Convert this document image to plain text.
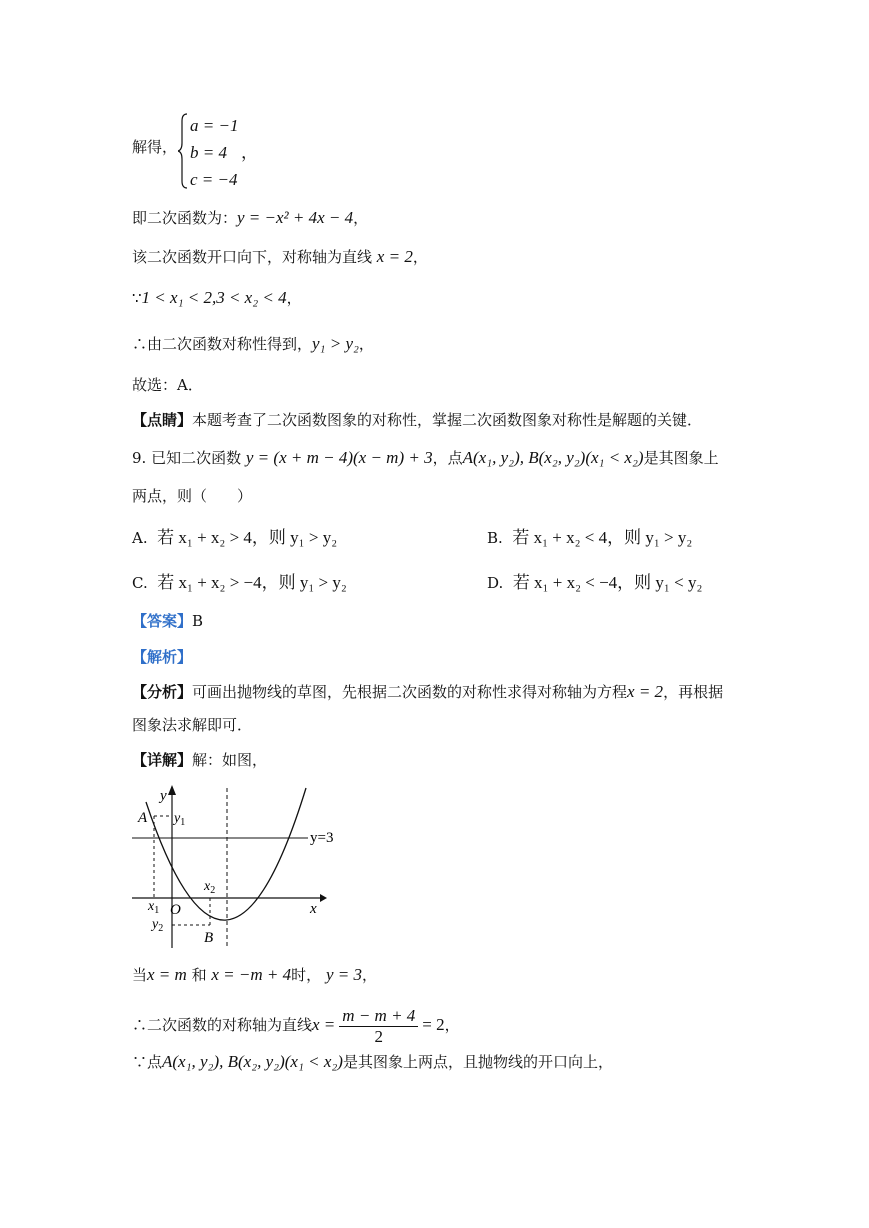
解得，
a = −1
b = 4 ，
c = −4
即二次函数为：y = −x² + 4x − 4，
该二次函数开口向下，对称轴为直线 x = 2，
∵1 < x₁ < 2,3 < x₂ < 4，
∴由二次函数对称性得到，y₁ > y₂，
故选：A．
【点睛】本题考查了二次函数图象的对称性，掌握二次函数图象对称性是解题的关键．
9. 已知二次函数 y = (x + m − 4)(x − m) + 3，点A(x₁, y₂), B(x₂, y₂)(x₁ < x₂)是其图象上
两点，则（　　）
A. 若 x₁ + x₂ > 4，则 y₁ > y₂	B. 若 x₁ + x₂ < 4，则 y₁ > y₂
C. 若 x₁ + x₂ > −4，则 y₁ > y₂	D. 若 x₁ + x₂ < −4，则 y₁ < y₂
【答案】B
【解析】
【分析】可画出抛物线的草图，先根据二次函数的对称性求得对称轴为方程x = 2，再根据
图象法求解即可．
【详解】解：如图，
y
x
O
A
B
$y_1$
$y_2$
$x_1$
$x_2$
y=3
当x = m 和 x = −m + 4时， y = 3，
∴二次函数的对称轴为直线$x = \frac{m - m + 4}{2} = 2$，
∵点A(x₁, y₂), B(x₂, y₂)(x₁ < x₂)是其图象上两点，且抛物线的开口向上，
